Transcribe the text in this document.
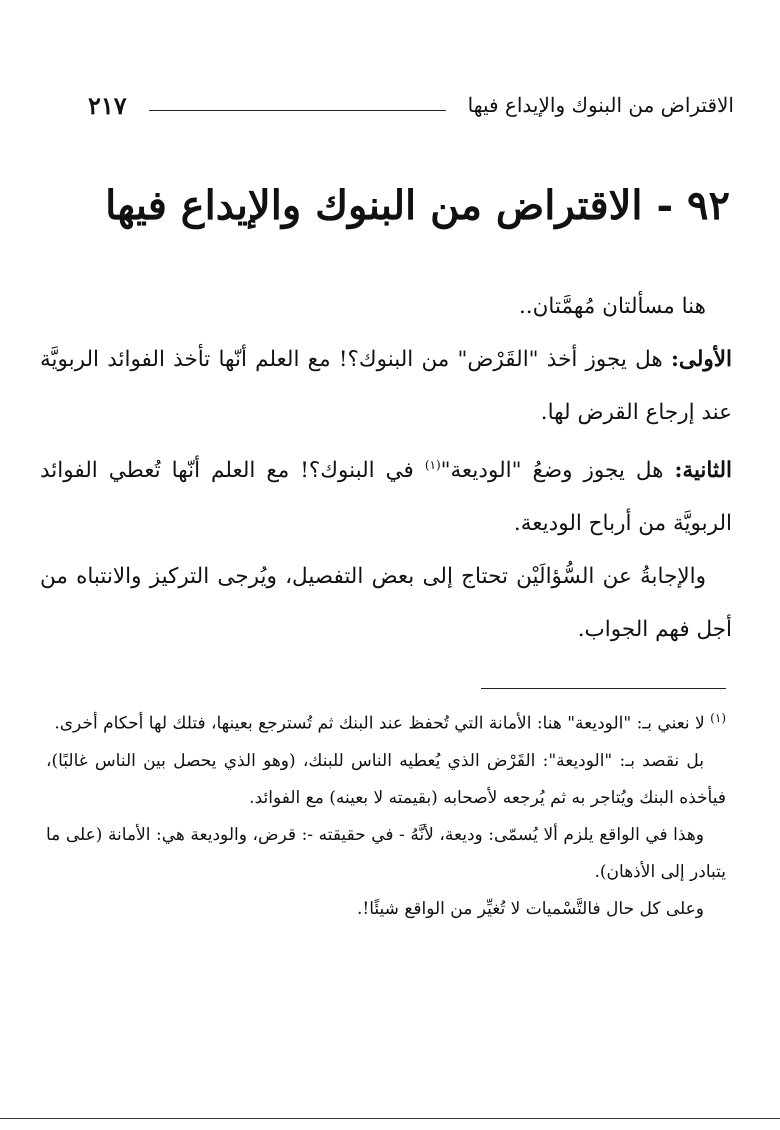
الاقتراض من البنوك والإيداع فيها
٢١٧
٩٢ - الاقتراض من البنوك والإيداع فيها

هنا مسألتان مُهمَّتان..

الأولى: هل يجوز أخذ "القَرْض" من البنوك؟! مع العلم أنّها تأخذ الفوائد الربويَّة عند إرجاع القرض لها.

الثانية: هل يجوز وضعُ "الوديعة"$^{(١)}$ في البنوك؟! مع العلم أنّها تُعطي الفوائد الربويَّة من أرباح الوديعة.

والإجابةُ عن السُّؤالَيْن تحتاج إلى بعض التفصيل، ويُرجى التركيز والانتباه من أجل فهم الجواب.

$^{(١)}$ لا نعني بـ: "الوديعة" هنا: الأمانة التي تُحفظ عند البنك ثم تُسترجع بعينها، فتلك لها أحكام أخرى.

بل نقصد بـ: "الوديعة": القَرْض الذي يُعطيه الناس للبنك، (وهو الذي يحصل بين الناس غالبًا)، فيأخذه البنك ويُتاجر به ثم يُرجعه لأصحابه (بقيمته لا بعينه) مع الفوائد.

وهذا في الواقع يلزم ألا يُسمّى: وديعة، لأنَّهُ - في حقيقته -: قرض، والوديعة هي: الأمانة (على ما يتبادر إلى الأذهان).

وعلى كل حال فالتَّسْميات لا تُغيِّر من الواقع شيئًا!.
